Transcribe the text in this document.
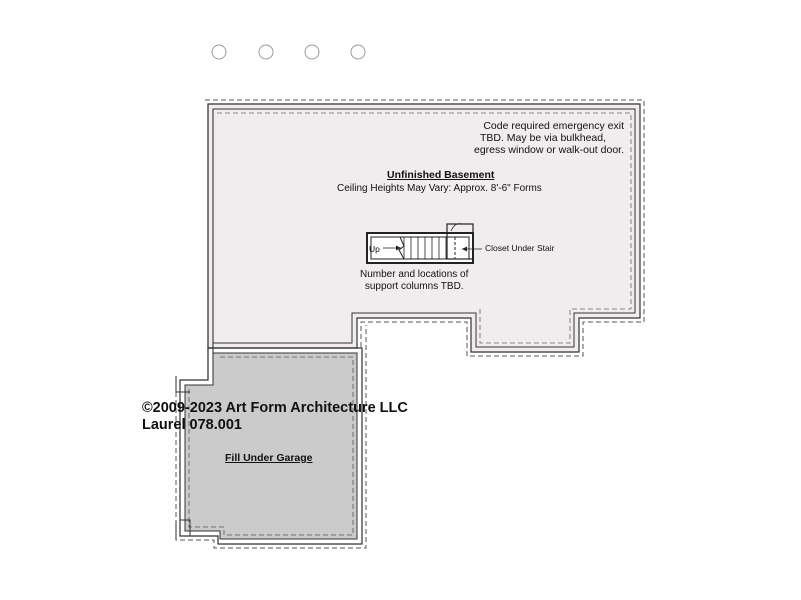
Code required emergency exit
TBD. May be via bulkhead,
egress window or walk-out door.
Unfinished Basement
Ceiling Heights May Vary: Approx. 8'-6" Forms
Up	Closet Under Stair
Number and locations of
support columns TBD.
©2009-2023 Art Form Architecture LLC
Laurel 078.001
Fill Under Garage
